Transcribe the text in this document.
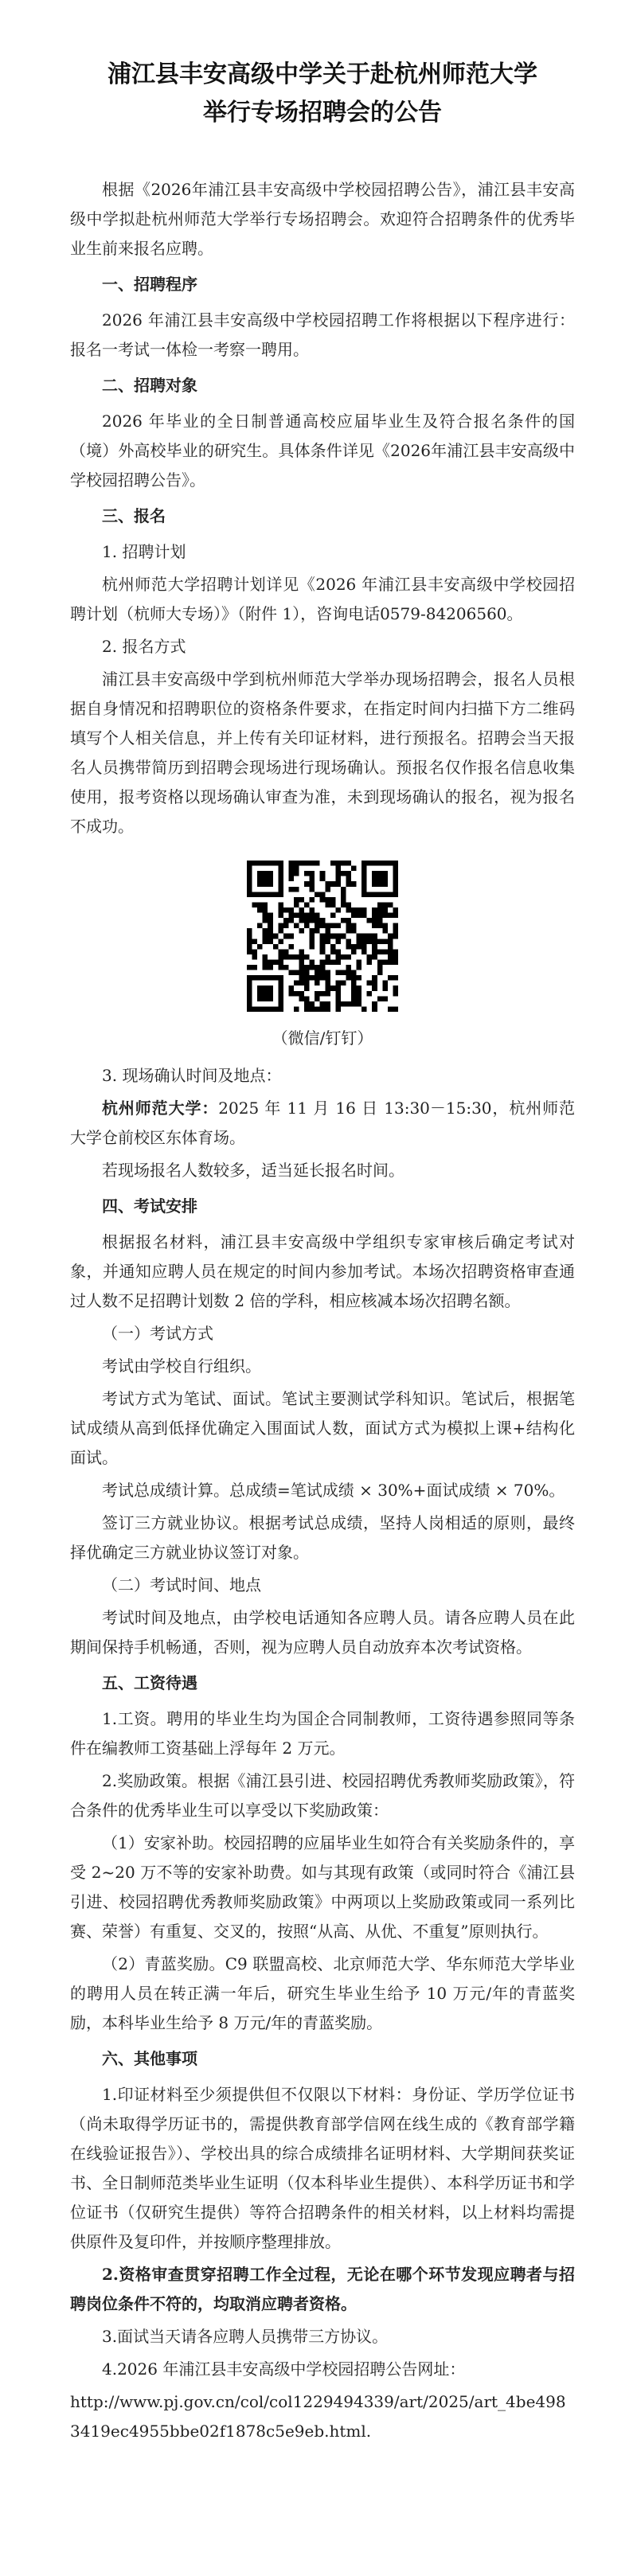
浦江县丰安高级中学关于赴杭州师范大学
举行专场招聘会的公告

根据《2026年浦江县丰安高级中学校园招聘公告》，浦江县丰安高级中学拟赴杭州师范大学举行专场招聘会。欢迎符合招聘条件的优秀毕业生前来报名应聘。

一、招聘程序

2026 年浦江县丰安高级中学校园招聘工作将根据以下程序进行：报名一考试一体检一考察一聘用。

二、招聘对象

2026 年毕业的全日制普通高校应届毕业生及符合报名条件的国（境）外高校毕业的研究生。具体条件详见《2026年浦江县丰安高级中学校园招聘公告》。

三、报名

1. 招聘计划

杭州师范大学招聘计划详见《2026 年浦江县丰安高级中学校园招聘计划（杭师大专场）》（附件 1），咨询电话0579-84206560。

2. 报名方式

浦江县丰安高级中学到杭州师范大学举办现场招聘会，报名人员根据自身情况和招聘职位的资格条件要求，在指定时间内扫描下方二维码填写个人相关信息，并上传有关印证材料，进行预报名。招聘会当天报名人员携带简历到招聘会现场进行现场确认。预报名仅作报名信息收集使用，报考资格以现场确认审查为准，未到现场确认的报名，视为报名不成功。

（微信/钉钉）

3. 现场确认时间及地点：

杭州师范大学：2025 年 11 月 16 日 13:30－15:30，杭州师范大学仓前校区东体育场。

若现场报名人数较多，适当延长报名时间。

四、考试安排

根据报名材料，浦江县丰安高级中学组织专家审核后确定考试对象，并通知应聘人员在规定的时间内参加考试。本场次招聘资格审查通过人数不足招聘计划数 2 倍的学科，相应核减本场次招聘名额。

（一）考试方式

考试由学校自行组织。

考试方式为笔试、面试。笔试主要测试学科知识。笔试后，根据笔试成绩从高到低择优确定入围面试人数，面试方式为模拟上课+结构化面试。

考试总成绩计算。总成绩=笔试成绩 × 30%+面试成绩 × 70%。

签订三方就业协议。根据考试总成绩，坚持人岗相适的原则，最终择优确定三方就业协议签订对象。

（二）考试时间、地点

考试时间及地点，由学校电话通知各应聘人员。请各应聘人员在此期间保持手机畅通，否则，视为应聘人员自动放弃本次考试资格。

五、工资待遇

1.工资。聘用的毕业生均为国企合同制教师，工资待遇参照同等条件在编教师工资基础上浮每年 2 万元。

2.奖励政策。根据《浦江县引进、校园招聘优秀教师奖励政策》，符合条件的优秀毕业生可以享受以下奖励政策：

（1）安家补助。校园招聘的应届毕业生如符合有关奖励条件的，享受 2~20 万不等的安家补助费。如与其现有政策（或同时符合《浦江县引进、校园招聘优秀教师奖励政策》中两项以上奖励政策或同一系列比赛、荣誉）有重复、交叉的，按照“从高、从优、不重复”原则执行。

（2）青蓝奖励。C9 联盟高校、北京师范大学、华东师范大学毕业的聘用人员在转正满一年后，研究生毕业生给予 10 万元/年的青蓝奖励，本科毕业生给予 8 万元/年的青蓝奖励。

六、其他事项

1.印证材料至少须提供但不仅限以下材料：身份证、学历学位证书（尚未取得学历证书的，需提供教育部学信网在线生成的《教育部学籍在线验证报告》）、学校出具的综合成绩排名证明材料、大学期间获奖证书、全日制师范类毕业生证明（仅本科毕业生提供）、本科学历证书和学位证书（仅研究生提供）等符合招聘条件的相关材料，以上材料均需提供原件及复印件，并按顺序整理排放。

2.资格审查贯穿招聘工作全过程，无论在哪个环节发现应聘者与招聘岗位条件不符的，均取消应聘者资格。

3.面试当天请各应聘人员携带三方协议。

4.2026 年浦江县丰安高级中学校园招聘公告网址：

http://www.pj.gov.cn/col/col1229494339/art/2025/art_4be4983419ec4955bbe02f1878c5e9eb.html.
